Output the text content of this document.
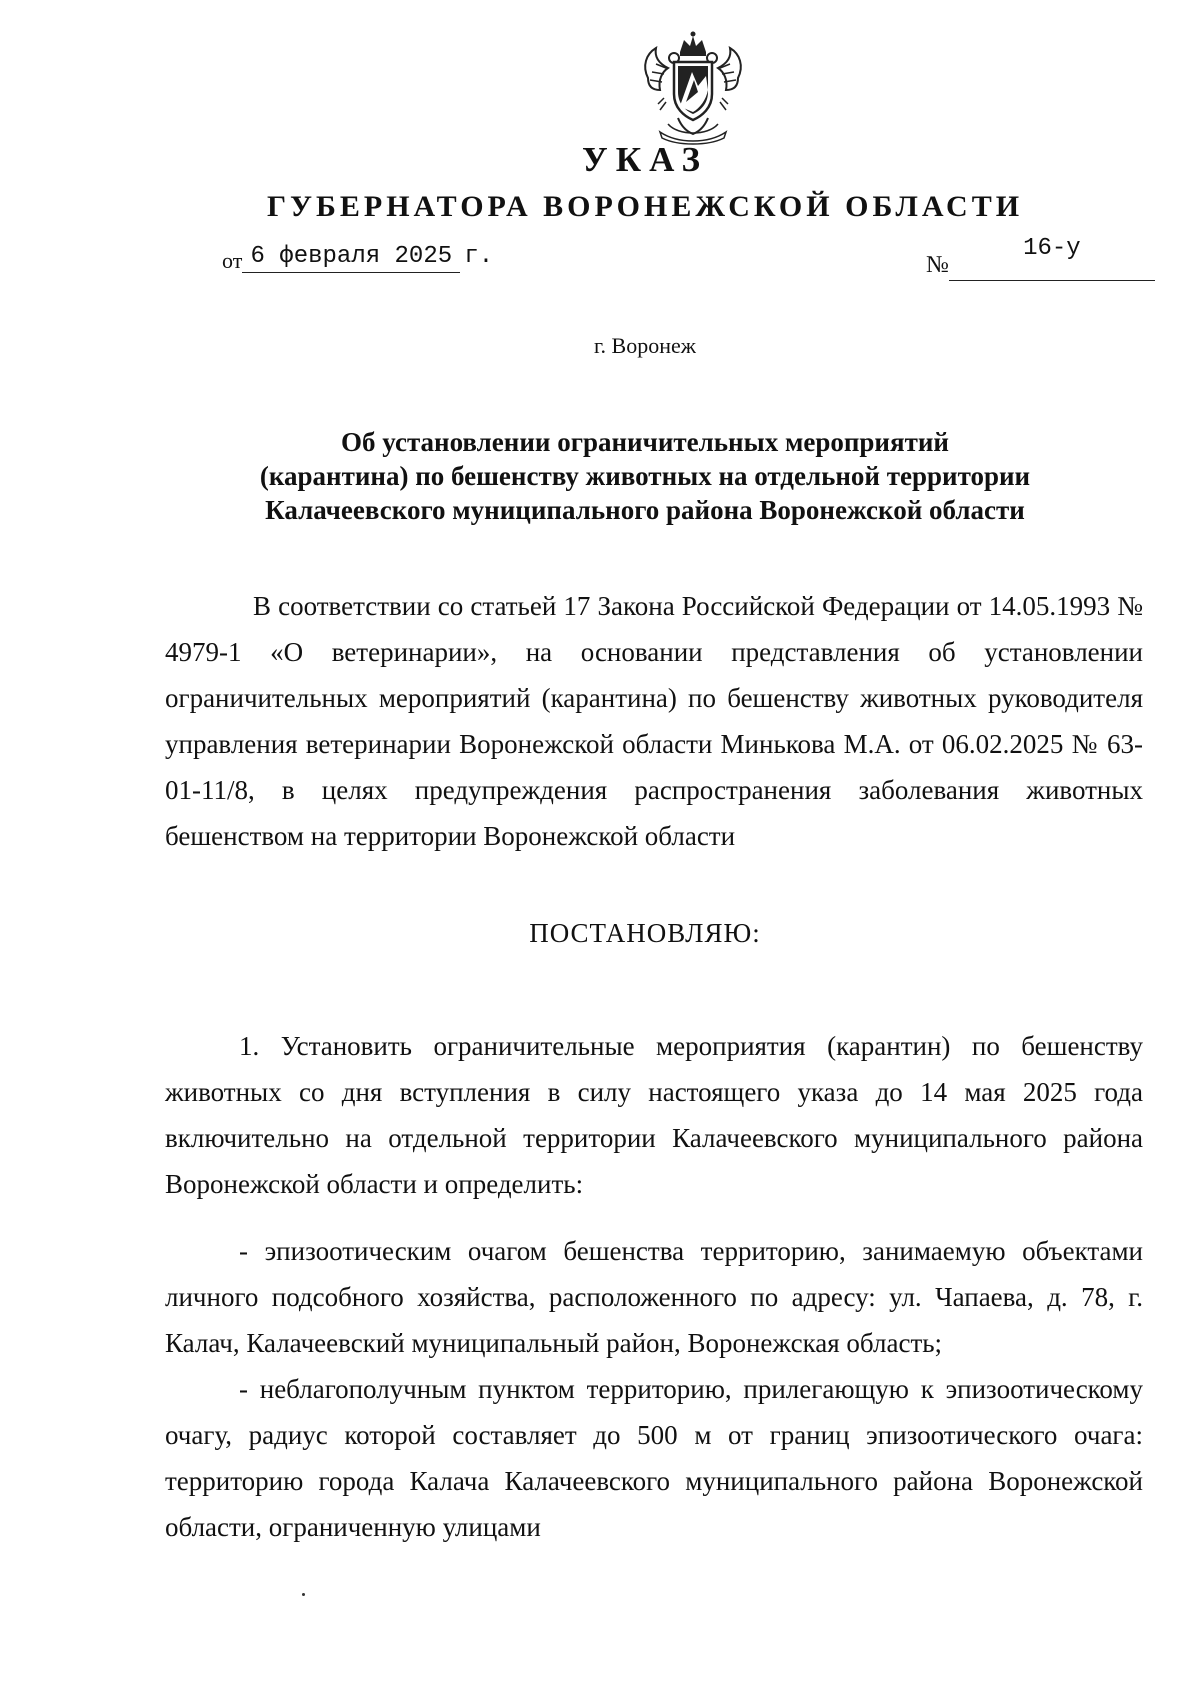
УКАЗ
ГУБЕРНАТОРА ВОРОНЕЖСКОЙ ОБЛАСТИ
от 6 февраля 2025 г.	№16-у
г. Воронеж
Об установлении ограничительных мероприятий
(карантина) по бешенству животных на отдельной территории
Калачеевского муниципального района Воронежской области
В соответствии со статьей 17 Закона Российской Федерации от 14.05.1993 № 4979-1 «О ветеринарии», на основании представления об установлении ограничительных мероприятий (карантина) по бешенству животных руководителя управления ветеринарии Воронежской области Минькова М.А. от 06.02.2025 № 63-01-11/8, в целях предупреждения распространения заболевания животных бешенством на территории Воронежской области
ПОСТАНОВЛЯЮ:
1. Установить ограничительные мероприятия (карантин) по бешенству животных со дня вступления в силу настоящего указа до 14 мая 2025 года включительно на отдельной территории Калачеевского муниципального района Воронежской области и определить:
- эпизоотическим очагом бешенства территорию, занимаемую объектами личного подсобного хозяйства, расположенного по адресу: ул. Чапаева, д. 78, г. Калач, Калачеевский муниципальный район, Воронежская область;
- неблагополучным пунктом территорию, прилегающую к эпизоотическому очагу, радиус которой составляет до 500 м от границ эпизоотического очага: территорию города Калача Калачеевского муниципального района Воронежской области, ограниченную улицами
